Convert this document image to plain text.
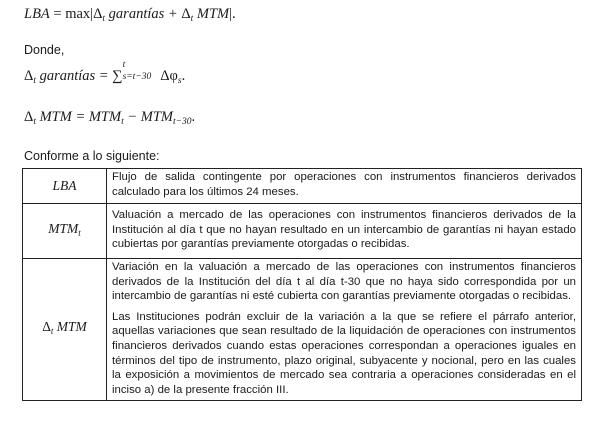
LBA = $\max|\Delta_t$ garantías + $\Delta_t$ MTM|.
Donde,
$\Delta_t$ garantías = ∑
t
s=t−30 $\Delta\varphi_s$.
$\Delta_t$ MTM = $MTM_t - MTM_{t-30}$.
Conforme a lo siguiente:
LBA	Flujo de salida contingente por operaciones con instrumentos financieros derivados calculado para los últimos 24 meses.

$MTM_t$	Valuación a mercado de las operaciones con instrumentos financieros derivados de la Institución al día t que no hayan resultado en un intercambio de garantías ni hayan estado cubiertas por garantías previamente otorgadas o recibidas.

$\Delta_t$ MTM	Variación en la valuación a mercado de las operaciones con instrumentos financieros derivados de la Institución del día t al día t-30 que no haya sido correspondida por un intercambio de garantías ni esté cubierta con garantías previamente otorgadas o recibidas.

Las Instituciones podrán excluir de la variación a la que se refiere el párrafo anterior, aquellas variaciones que sean resultado de la liquidación de operaciones con instrumentos financieros derivados cuando estas operaciones correspondan a operaciones iguales en términos del tipo de instrumento, plazo original, subyacente y nocional, pero en las cuales la exposición a movimientos de mercado sea contraria a operaciones consideradas en el inciso a) de la presente fracción III.
